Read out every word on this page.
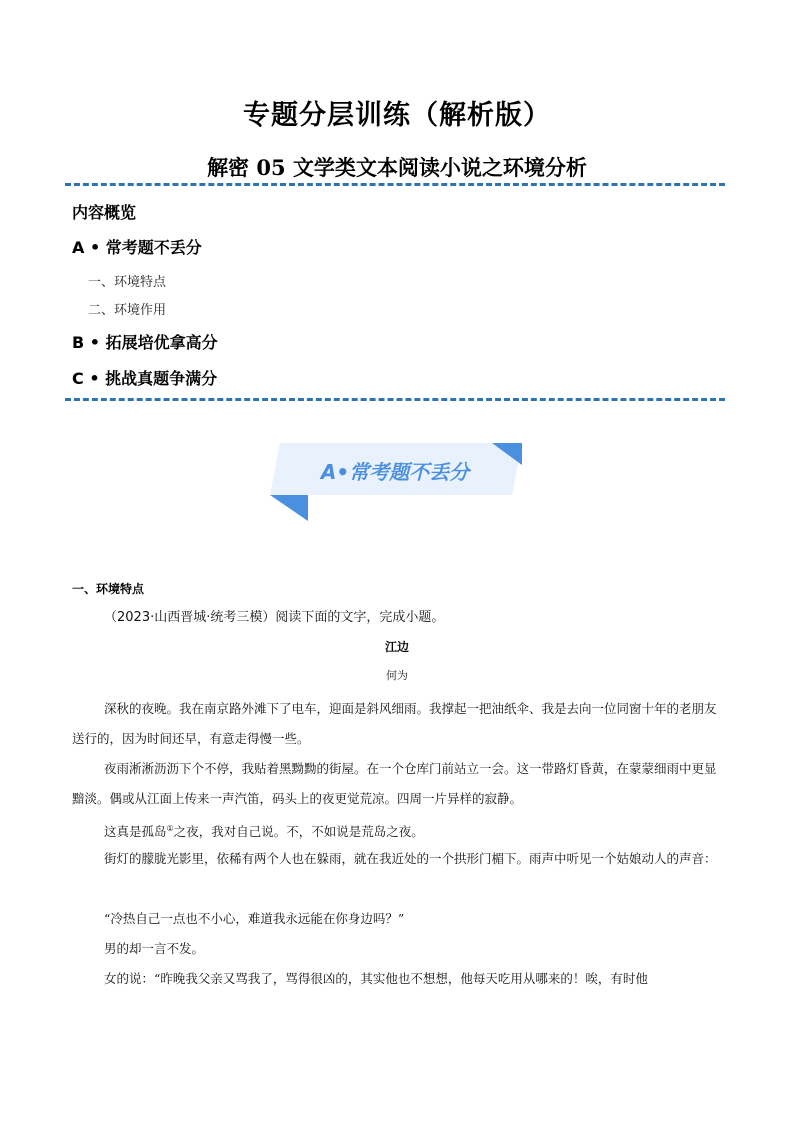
专题分层训练（解析版）
解密 05 文学类文本阅读小说之环境分析
内容概览
A • 常考题不丢分
一、环境特点
二、环境作用
B • 拓展培优拿高分
C • 挑战真题争满分
A•常考题不丢分
一、环境特点
（2023·山西晋城·统考三模）阅读下面的文字，完成小题。
江边
何为

深秋的夜晚。我在南京路外滩下了电车，迎面是斜风细雨。我撑起一把油纸伞、我是去向一位同窗十年的老朋友送行的，因为时间还早，有意走得慢一些。

夜雨淅淅沥沥下个不停，我贴着黑黝黝的街屋。在一个仓库门前站立一会。这一带路灯昏黄，在蒙蒙细雨中更显黯淡。偶或从江面上传来一声汽笛，码头上的夜更觉荒凉。四周一片异样的寂静。

这真是孤岛①之夜，我对自己说。不，不如说是荒岛之夜。

街灯的朦胧光影里，依稀有两个人也在躲雨，就在我近处的一个拱形门楣下。雨声中听见一个姑娘动人的声音：

“冷热自己一点也不小心，难道我永远能在你身边吗？”

男的却一言不发。

女的说：“昨晚我父亲又骂我了，骂得很凶的，其实他也不想想，他每天吃用从哪来的！唉，有时他
